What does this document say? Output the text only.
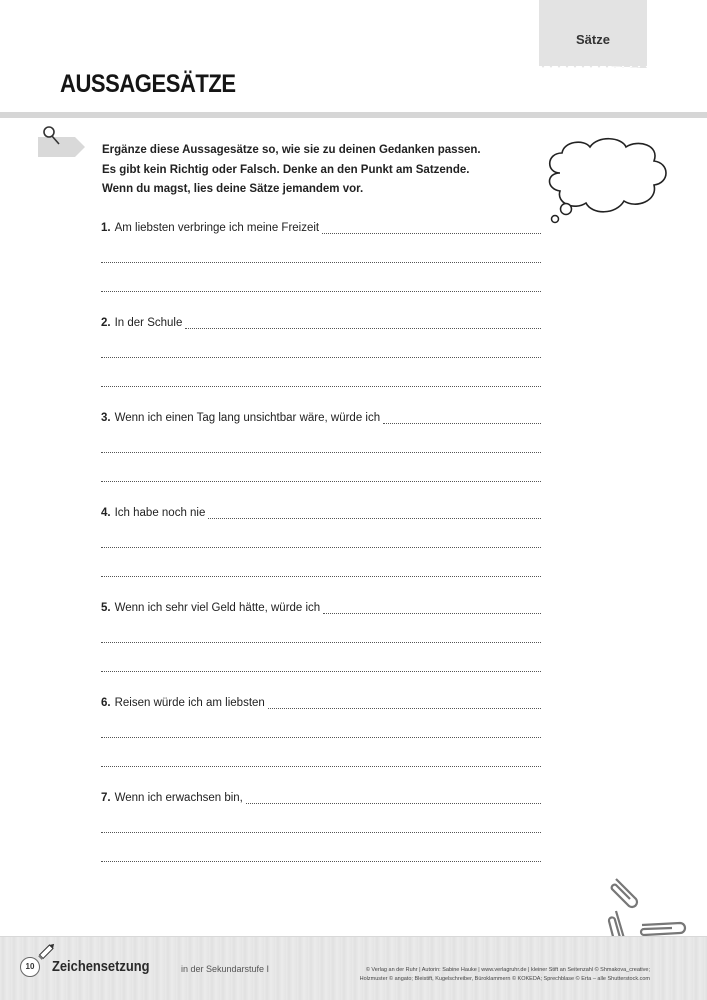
Sätze
AUSSAGESÄTZE
Ergänze diese Aussagesätze so, wie sie zu deinen Gedanken passen.
Es gibt kein Richtig oder Falsch. Denke an den Punkt am Satzende.
Wenn du magst, lies deine Sätze jemandem vor.
1. Am liebsten verbringe ich meine Freizeit
2. In der Schule
3. Wenn ich einen Tag lang unsichtbar wäre, würde ich
4. Ich habe noch nie
5. Wenn ich sehr viel Geld hätte, würde ich
6. Reisen würde ich am liebsten
7. Wenn ich erwachsen bin,
10	Zeichensetzung	in der Sekundarstufe I	© Verlag an der Ruhr | Autorin: Sabine Hauke | www.verlagruhr.de | kleiner Stift an Seitenzahl © Shmakova_creative;
Holzmuster © angato; Bleistift, Kugelschreiber, Büroklammern © KOKEDA; Sprechblase © Erta – alle Shutterstock.com
